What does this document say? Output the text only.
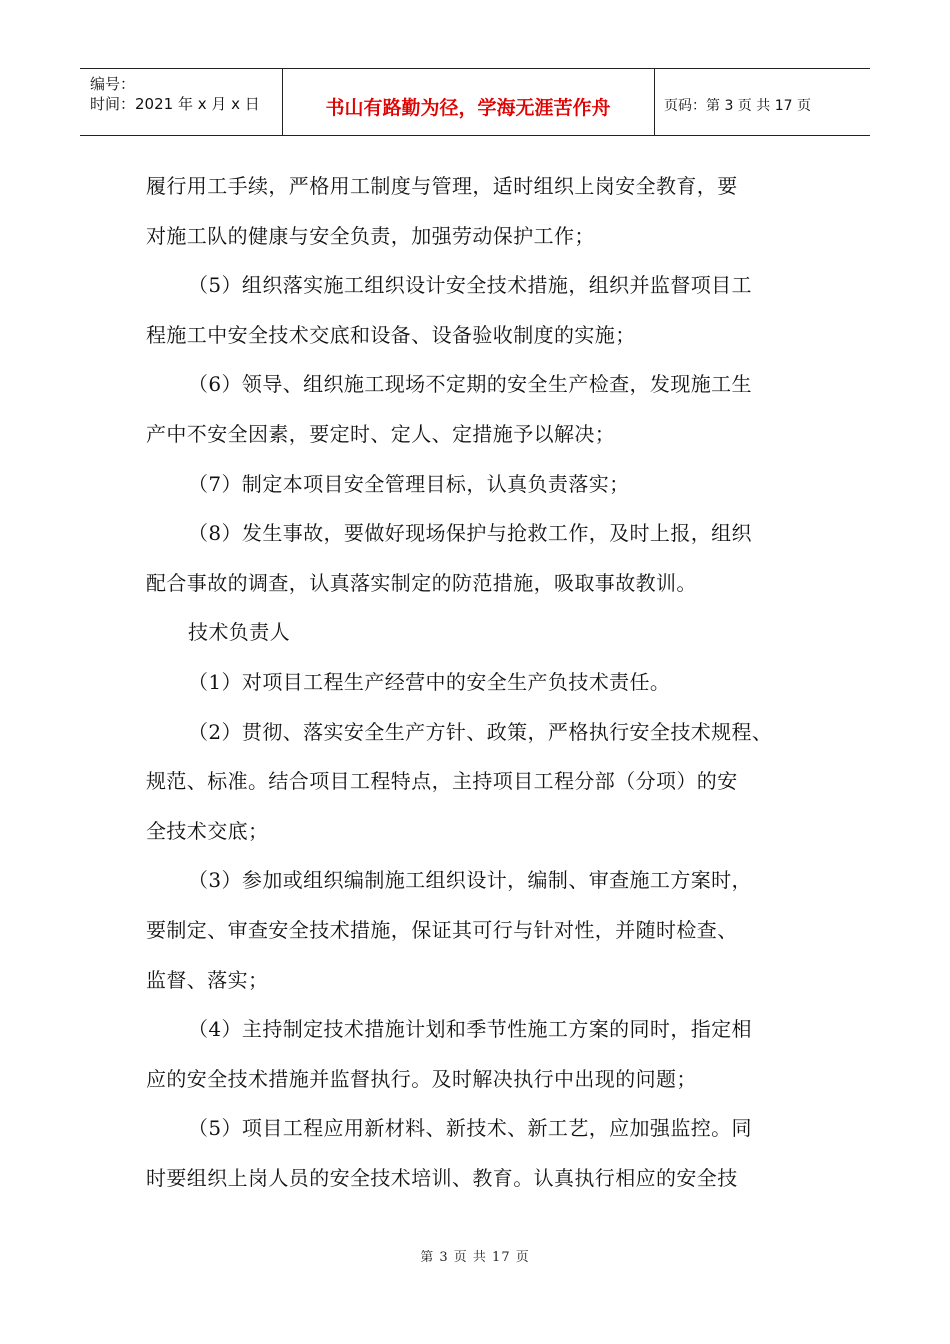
编号：
时间：2021 年 x 月 x 日	书山有路勤为径，学海无涯苦作舟	页码：第 3 页 共 17 页
履行用工手续，严格用工制度与管理，适时组织上岗安全教育，要
对施工队的健康与安全负责，加强劳动保护工作；
（5）组织落实施工组织设计安全技术措施，组织并监督项目工
程施工中安全技术交底和设备、设备验收制度的实施；
（6）领导、组织施工现场不定期的安全生产检查，发现施工生
产中不安全因素，要定时、定人、定措施予以解决；
（7）制定本项目安全管理目标，认真负责落实；
（8）发生事故，要做好现场保护与抢救工作，及时上报，组织
配合事故的调查，认真落实制定的防范措施，吸取事故教训。
技术负责人
（1）对项目工程生产经营中的安全生产负技术责任。
（2）贯彻、落实安全生产方针、政策，严格执行安全技术规程、
规范、标准。结合项目工程特点，主持项目工程分部（分项）的安
全技术交底；
（3）参加或组织编制施工组织设计，编制、审查施工方案时，
要制定、审查安全技术措施，保证其可行与针对性，并随时检查、
监督、落实；
（4）主持制定技术措施计划和季节性施工方案的同时，指定相
应的安全技术措施并监督执行。及时解决执行中出现的问题；
（5）项目工程应用新材料、新技术、新工艺，应加强监控。同
时要组织上岗人员的安全技术培训、教育。认真执行相应的安全技
第 3 页 共 17 页
